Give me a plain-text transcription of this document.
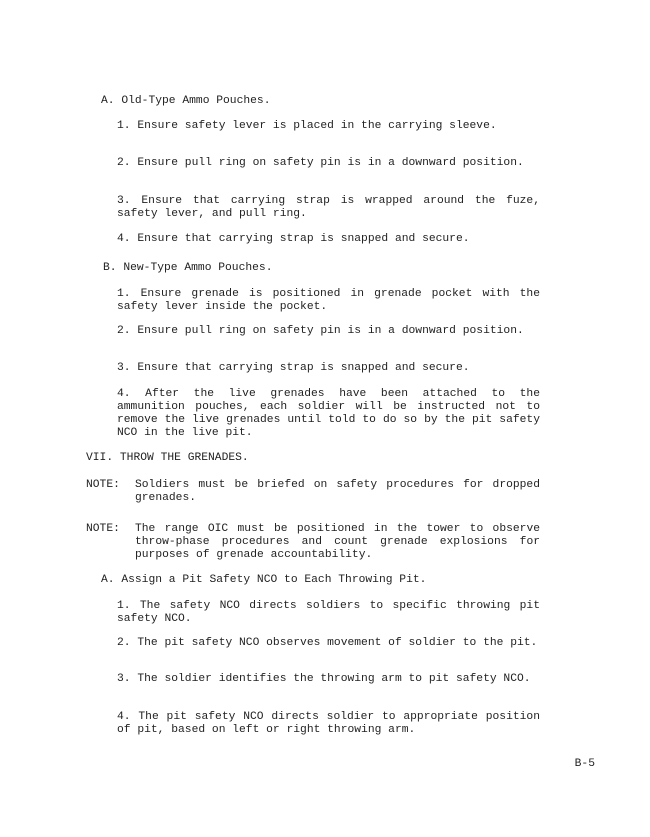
A. Old-Type Ammo Pouches.

1. Ensure safety lever is placed in the carrying sleeve.

2. Ensure pull ring on safety pin is in a downward position.

3. Ensure that carrying strap is wrapped around the fuze, safety lever, and pull ring.

4. Ensure that carrying strap is snapped and secure.

B. New-Type Ammo Pouches.

1. Ensure grenade is positioned in grenade pocket with the safety lever inside the pocket.

2. Ensure pull ring on safety pin is in a downward position.

3. Ensure that carrying strap is snapped and secure.

4. After the live grenades have been attached to the ammunition pouches, each soldier will be instructed not to remove the live grenades until told to do so by the pit safety NCO in the live pit.

VII. THROW THE GRENADES.

NOTE:	Soldiers must be briefed on safety procedures for dropped grenades.
NOTE:	The range OIC must be positioned in the tower to observe throw-phase procedures and count grenade explosions for purposes of grenade accountability.

A. Assign a Pit Safety NCO to Each Throwing Pit.

1. The safety NCO directs soldiers to specific throwing pit safety NCO.

2. The pit safety NCO observes movement of soldier to the pit.

3. The soldier identifies the throwing arm to pit safety NCO.

4. The pit safety NCO directs soldier to appropriate position of pit, based on left or right throwing arm.

B-5
